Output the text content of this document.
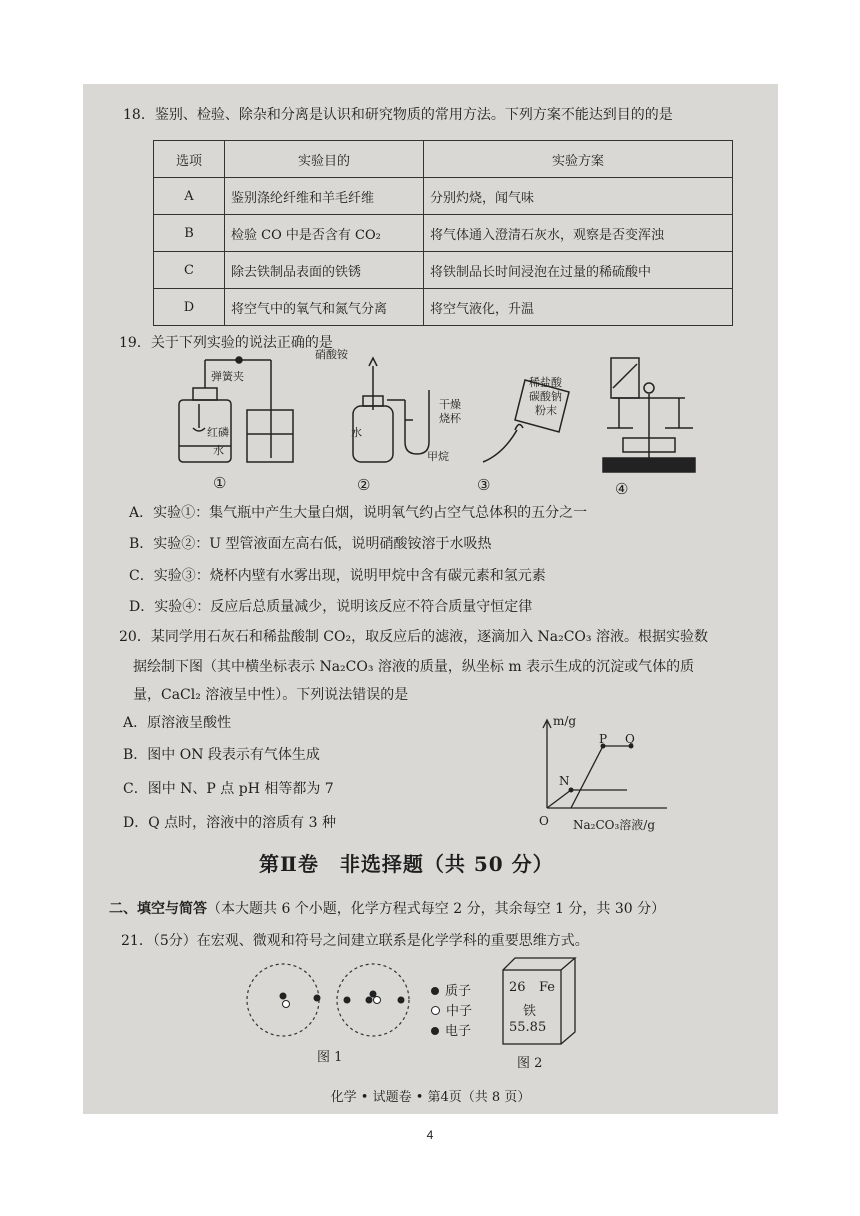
18．鉴别、检验、除杂和分离是认识和研究物质的常用方法。下列方案不能达到目的的是
选项	实验目的	实验方案
A	鉴别涤纶纤维和羊毛纤维	分别灼烧，闻气味
B	检验 CO 中是否含有 CO₂	将气体通入澄清石灰水，观察是否变浑浊
C	除去铁制品表面的铁锈	将铁制品长时间浸泡在过量的稀硫酸中
D	将空气中的氧气和氮气分离	将空气液化，升温
19．关于下列实验的说法正确的是
弹簧夹
红磷
水
硝酸铵
水
干燥
烧杯
甲烷
稀盐酸
碳酸钠
粉末
①	②	③	④
A．实验①：集气瓶中产生大量白烟，说明氧气约占空气总体积的五分之一
B．实验②：U 型管液面左高右低，说明硝酸铵溶于水吸热
C．实验③：烧杯内壁有水雾出现，说明甲烷中含有碳元素和氢元素
D．实验④：反应后总质量减少，说明该反应不符合质量守恒定律
20．某同学用石灰石和稀盐酸制 CO₂，取反应后的滤液，逐滴加入 Na₂CO₃ 溶液。根据实验数
据绘制下图（其中横坐标表示 Na₂CO₃ 溶液的质量，纵坐标 m 表示生成的沉淀或气体的质
量，CaCl₂ 溶液呈中性）。下列说法错误的是
A．原溶液呈酸性
B．图中 ON 段表示有气体生成
C．图中 N、P 点 pH 相等都为 7
D．Q 点时，溶液中的溶质有 3 种
m/g
Na₂CO₃溶液/g
O
N
P Q
第Ⅱ卷　非选择题（共 50 分）
二、填空与简答（本大题共 6 个小题，化学方程式每空 2 分，其余每空 1 分，共 30 分）
21．（5分）在宏观、微观和符号之间建立联系是化学学科的重要思维方式。
质子
中子
电子
26 Fe
铁
55.85
图 1	图 2
化学 • 试题卷 • 第4页（共 8 页）
4
